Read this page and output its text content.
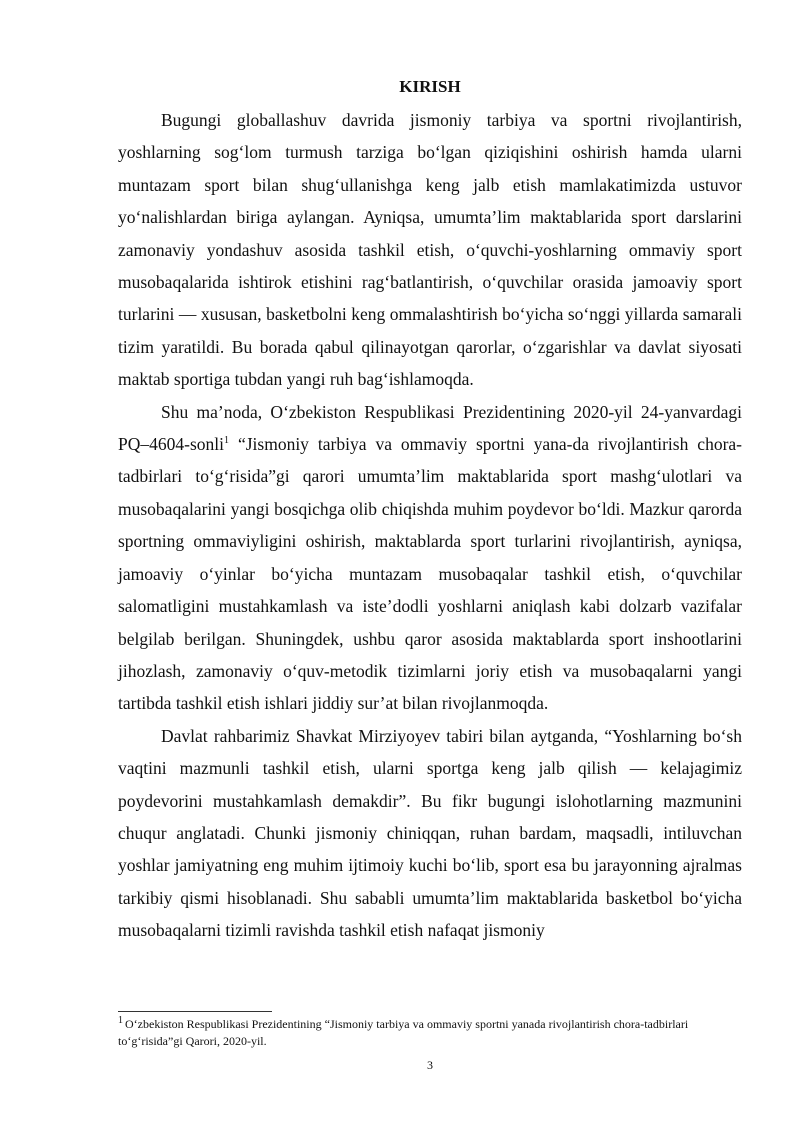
KIRISH

Bugungi globallashuv davrida jismoniy tarbiya va sportni rivojlantirish, yoshlarning sog‘lom turmush tarziga bo‘lgan qiziqishini oshirish hamda ularni muntazam sport bilan shug‘ullanishga keng jalb etish mamlakatimizda ustuvor yo‘nalishlardan biriga aylangan. Ayniqsa, umumta’lim maktablarida sport darslarini zamonaviy yondashuv asosida tashkil etish, o‘quvchi-yoshlarning ommaviy sport musobaqalarida ishtirok etishini rag‘batlantirish, o‘quvchilar orasida jamoaviy sport turlarini — xususan, basketbolni keng ommalashtirish bo‘yicha so‘nggi yillarda samarali tizim yaratildi. Bu borada qabul qilinayotgan qarorlar, o‘zgarishlar va davlat siyosati maktab sportiga tubdan yangi ruh bag‘ishlamoqda.

Shu ma’noda, O‘zbekiston Respublikasi Prezidentining 2020-yil 24-yanvardagi PQ–4604-sonli$^1$ “Jismoniy tarbiya va ommaviy sportni yana-da rivojlantirish chora-tadbirlari to‘g‘risida”gi qarori umumta’lim maktablarida sport mashg‘ulotlari va musobaqalarini yangi bosqichga olib chiqishda muhim poydevor bo‘ldi. Mazkur qarorda sportning ommaviyligini oshirish, maktablarda sport turlarini rivojlantirish, ayniqsa, jamoaviy o‘yinlar bo‘yicha muntazam musobaqalar tashkil etish, o‘quvchilar salomatligini mustahkamlash va iste’dodli yoshlarni aniqlash kabi dolzarb vazifalar belgilab berilgan. Shuningdek, ushbu qaror asosida maktablarda sport inshootlarini jihozlash, zamonaviy o‘quv-metodik tizimlarni joriy etish va musobaqalarni yangi tartibda tashkil etish ishlari jiddiy sur’at bilan rivojlanmoqda.

Davlat rahbarimiz Shavkat Mirziyoyev tabiri bilan aytganda, “Yoshlarning bo‘sh vaqtini mazmunli tashkil etish, ularni sportga keng jalb qilish — kelajagimiz poydevorini mustahkamlash demakdir”. Bu fikr bugungi islohotlarning mazmunini chuqur anglatadi. Chunki jismoniy chiniqqan, ruhan bardam, maqsadli, intiluvchan yoshlar jamiyatning eng muhim ijtimoiy kuchi bo‘lib, sport esa bu jarayonning ajralmas tarkibiy qismi hisoblanadi. Shu sababli umumta’lim maktablarida basketbol bo‘yicha musobaqalarni tizimli ravishda tashkil etish nafaqat jismoniy

$^1$ O‘zbekiston Respublikasi Prezidentining “Jismoniy tarbiya va ommaviy sportni yanada rivojlantirish chora-tadbirlari to‘g‘risida”gi Qarori, 2020-yil.

3
